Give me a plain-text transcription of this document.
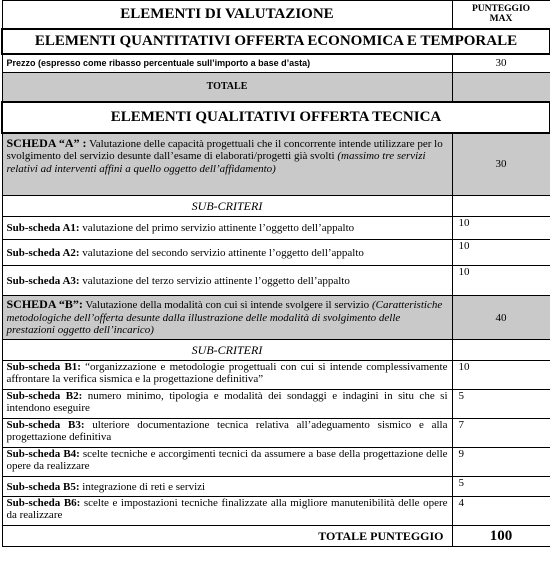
ELEMENTI DI VALUTAZIONE	PUNTEGGIO
MAX
ELEMENTI QUANTITATIVI OFFERTA ECONOMICA E TEMPORALE	
Prezzo (espresso come ribasso percentuale sull’importo a base d’asta)	30
TOTALE	
ELEMENTI QUALITATIVI OFFERTA TECNICA	
SCHEDA “A” : Valutazione delle capacità progettuali che il concorrente intende utilizzare per lo svolgimento del servizio desunte dall’esame di elaborati/progetti già svolti (massimo tre servizi relativi ad interventi affini a quello oggetto dell’affidamento)	30
SUB-CRITERI	
Sub-scheda A1: valutazione del primo servizio attinente l’oggetto dell’appalto	10
Sub-scheda A2: valutazione del secondo servizio attinente l’oggetto dell’appalto	10
Sub-scheda A3: valutazione del terzo servizio attinente l’oggetto dell’appalto	10
SCHEDA “B”: Valutazione della modalità con cui si intende svolgere il servizio (Caratteristiche metodologiche dell’offerta desunte dalla illustrazione delle modalità di svolgimento delle prestazioni oggetto dell’incarico)	40
SUB-CRITERI	
Sub-scheda B1: “organizzazione e metodologie progettuali con cui si intende complessivamente affrontare la verifica sismica e la progettazione definitiva”	10
Sub-scheda B2: numero minimo, tipologia e modalità dei sondaggi e indagini in situ che si intendono eseguire	5
Sub-scheda B3: ulteriore documentazione tecnica relativa all’adeguamento sismico e alla progettazione definitiva	7
Sub-scheda B4: scelte tecniche e accorgimenti tecnici da assumere a base della progettazione delle opere da realizzare	9
Sub-scheda B5: integrazione di reti e servizi	5
Sub-scheda B6: scelte e impostazioni tecniche finalizzate alla migliore manutenibilità delle opere da realizzare	4
TOTALE PUNTEGGIO	100
